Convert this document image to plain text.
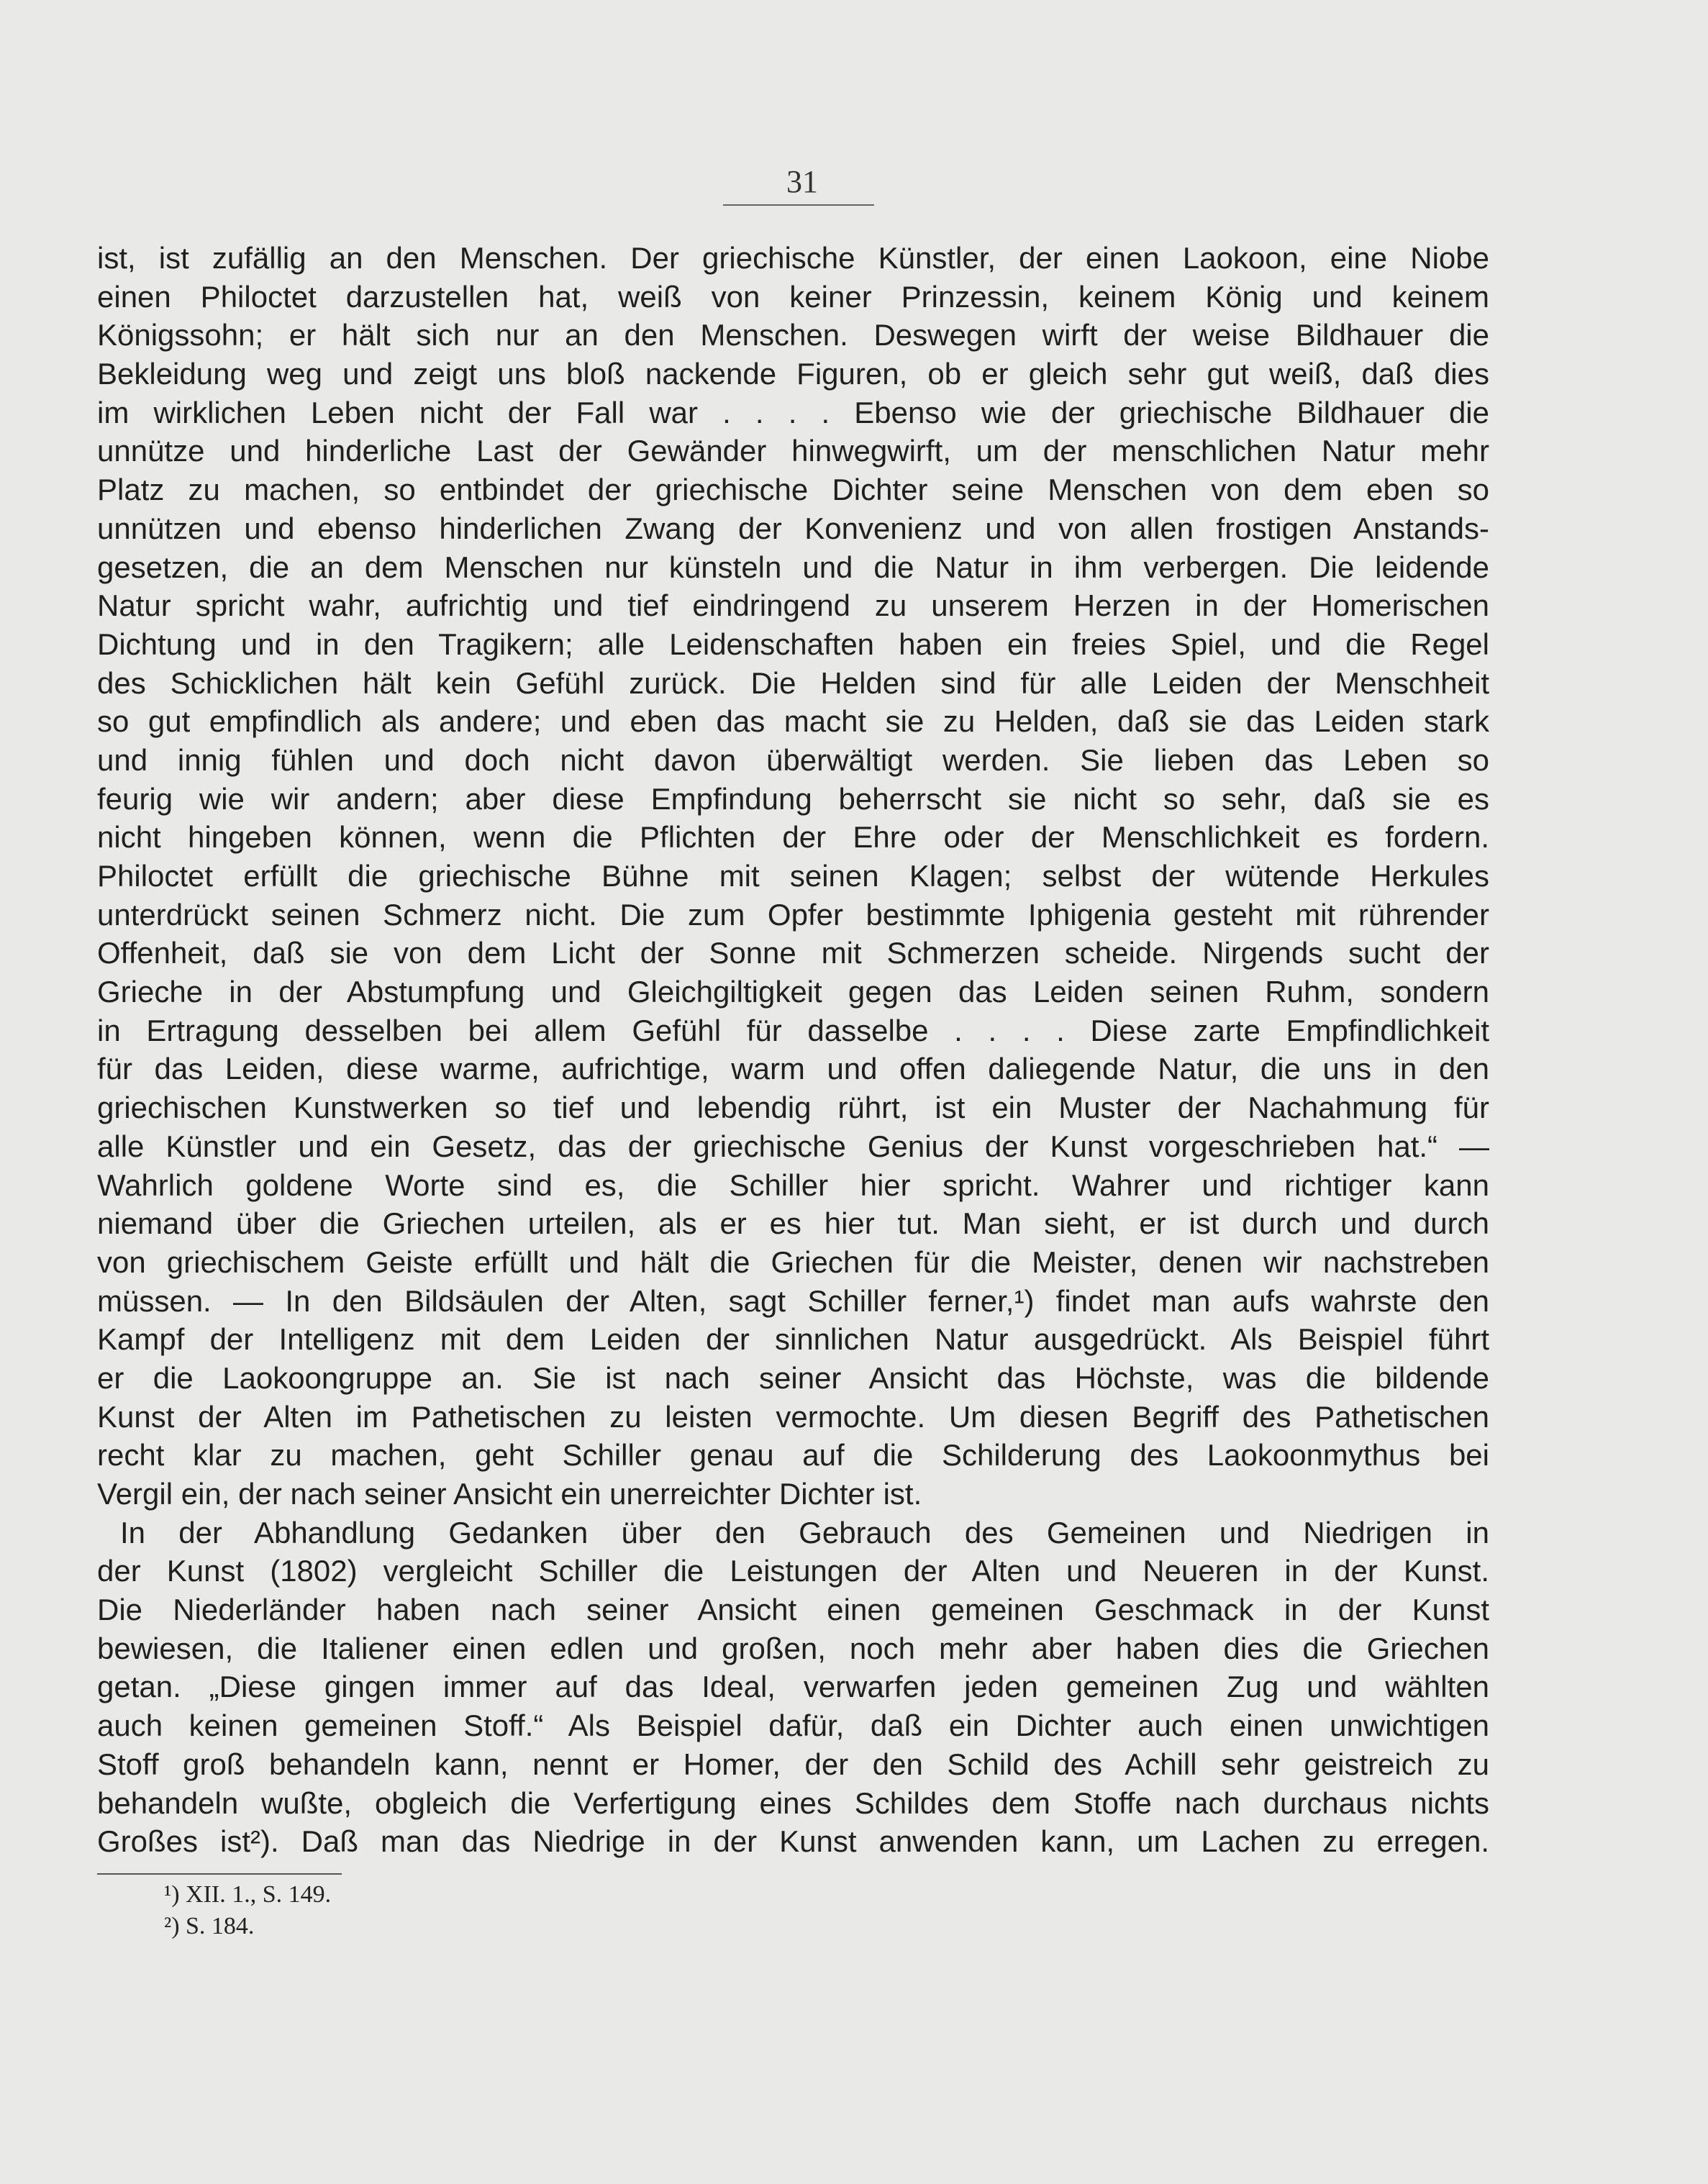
31
ist, ist zufällig an den Menschen. Der griechische Künstler, der einen Laokoon, eine Niobe
einen Philoctet darzustellen hat, weiß von keiner Prinzessin, keinem König und keinem
Königssohn; er hält sich nur an den Menschen. Deswegen wirft der weise Bildhauer die
Bekleidung weg und zeigt uns bloß nackende Figuren, ob er gleich sehr gut weiß, daß dies
im wirklichen Leben nicht der Fall war . . . . Ebenso wie der griechische Bildhauer die
unnütze und hinderliche Last der Gewänder hinwegwirft, um der menschlichen Natur mehr
Platz zu machen, so entbindet der griechische Dichter seine Menschen von dem eben so
unnützen und ebenso hinderlichen Zwang der Konvenienz und von allen frostigen Anstands-
gesetzen, die an dem Menschen nur künsteln und die Natur in ihm verbergen. Die leidende
Natur spricht wahr, aufrichtig und tief eindringend zu unserem Herzen in der Homerischen
Dichtung und in den Tragikern; alle Leidenschaften haben ein freies Spiel, und die Regel
des Schicklichen hält kein Gefühl zurück. Die Helden sind für alle Leiden der Menschheit
so gut empfindlich als andere; und eben das macht sie zu Helden, daß sie das Leiden stark
und innig fühlen und doch nicht davon überwältigt werden. Sie lieben das Leben so
feurig wie wir andern; aber diese Empfindung beherrscht sie nicht so sehr, daß sie es
nicht hingeben können, wenn die Pflichten der Ehre oder der Menschlichkeit es fordern.
Philoctet erfüllt die griechische Bühne mit seinen Klagen; selbst der wütende Herkules
unterdrückt seinen Schmerz nicht. Die zum Opfer bestimmte Iphigenia gesteht mit rührender
Offenheit, daß sie von dem Licht der Sonne mit Schmerzen scheide. Nirgends sucht der
Grieche in der Abstumpfung und Gleichgiltigkeit gegen das Leiden seinen Ruhm, sondern
in Ertragung desselben bei allem Gefühl für dasselbe . . . . Diese zarte Empfindlichkeit
für das Leiden, diese warme, aufrichtige, warm und offen daliegende Natur, die uns in den
griechischen Kunstwerken so tief und lebendig rührt, ist ein Muster der Nachahmung für
alle Künstler und ein Gesetz, das der griechische Genius der Kunst vorgeschrieben hat.“ —
Wahrlich goldene Worte sind es, die Schiller hier spricht. Wahrer und richtiger kann
niemand über die Griechen urteilen, als er es hier tut. Man sieht, er ist durch und durch
von griechischem Geiste erfüllt und hält die Griechen für die Meister, denen wir nachstreben
müssen. — In den Bildsäulen der Alten, sagt Schiller ferner,¹) findet man aufs wahrste den
Kampf der Intelligenz mit dem Leiden der sinnlichen Natur ausgedrückt. Als Beispiel führt
er die Laokoongruppe an. Sie ist nach seiner Ansicht das Höchste, was die bildende
Kunst der Alten im Pathetischen zu leisten vermochte. Um diesen Begriff des Pathetischen
recht klar zu machen, geht Schiller genau auf die Schilderung des Laokoonmythus bei
Vergil ein, der nach seiner Ansicht ein unerreichter Dichter ist.
In der Abhandlung Gedanken über den Gebrauch des Gemeinen und Niedrigen in
der Kunst (1802) vergleicht Schiller die Leistungen der Alten und Neueren in der Kunst.
Die Niederländer haben nach seiner Ansicht einen gemeinen Geschmack in der Kunst
bewiesen, die Italiener einen edlen und großen, noch mehr aber haben dies die Griechen
getan. „Diese gingen immer auf das Ideal, verwarfen jeden gemeinen Zug und wählten
auch keinen gemeinen Stoff.“ Als Beispiel dafür, daß ein Dichter auch einen unwichtigen
Stoff groß behandeln kann, nennt er Homer, der den Schild des Achill sehr geistreich zu
behandeln wußte, obgleich die Verfertigung eines Schildes dem Stoffe nach durchaus nichts
Großes ist²). Daß man das Niedrige in der Kunst anwenden kann, um Lachen zu erregen.
¹) XII. 1., S. 149.
²) S. 184.
